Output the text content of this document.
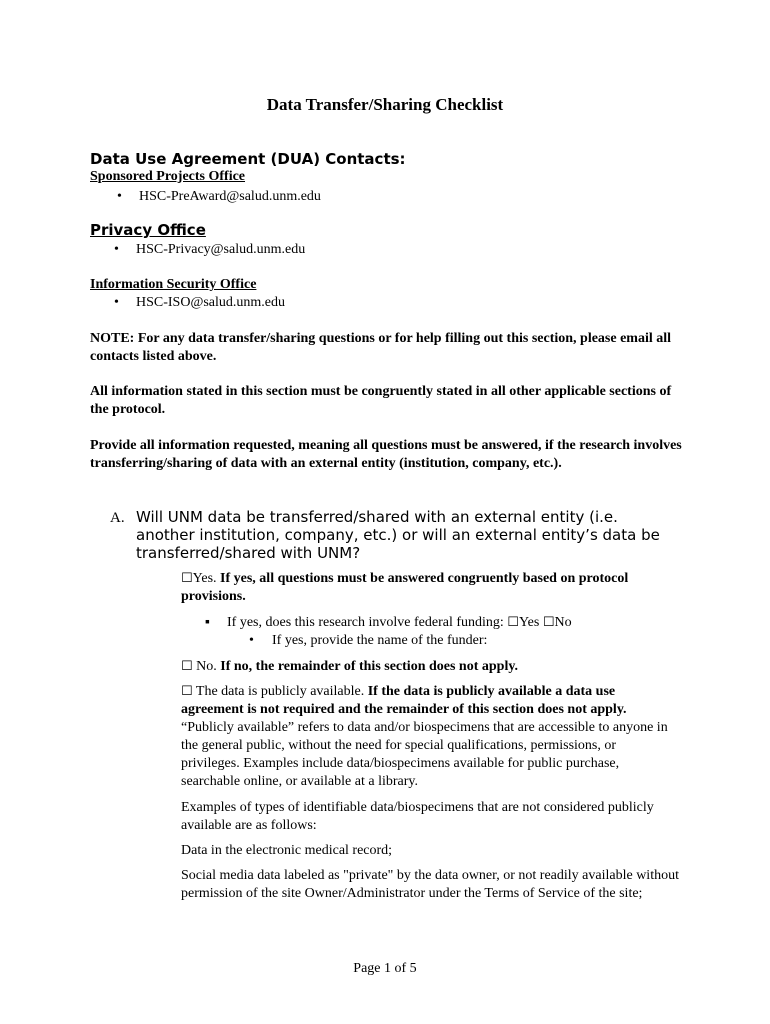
Data Transfer/Sharing Checklist
Data Use Agreement (DUA) Contacts:
Sponsored Projects Office
• HSC-PreAward@salud.unm.edu
Privacy Office
• HSC-Privacy@salud.unm.edu
Information Security Office
• HSC-ISO@salud.unm.edu
NOTE: For any data transfer/sharing questions or for help filling out this section, please email all contacts listed above.
All information stated in this section must be congruently stated in all other applicable sections of the protocol.
Provide all information requested, meaning all questions must be answered, if the research involves transferring/sharing of data with an external entity (institution, company, etc.).
A. Will UNM data be transferred/shared with an external entity (i.e. another institution, company, etc.) or will an external entity’s data be transferred/shared with UNM?
☐Yes. If yes, all questions must be answered congruently based on protocol provisions.
▪ If yes, does this research involve federal funding: ☐Yes ☐No
• If yes, provide the name of the funder:
☐ No. If no, the remainder of this section does not apply.
☐ The data is publicly available. If the data is publicly available a data use agreement is not required and the remainder of this section does not apply. “Publicly available” refers to data and/or biospecimens that are accessible to anyone in the general public, without the need for special qualifications, permissions, or privileges. Examples include data/biospecimens available for public purchase, searchable online, or available at a library.
Examples of types of identifiable data/biospecimens that are not considered publicly available are as follows:
Data in the electronic medical record;
Social media data labeled as "private" by the data owner, or not readily available without permission of the site Owner/Administrator under the Terms of Service of the site;
Page 1 of 5
